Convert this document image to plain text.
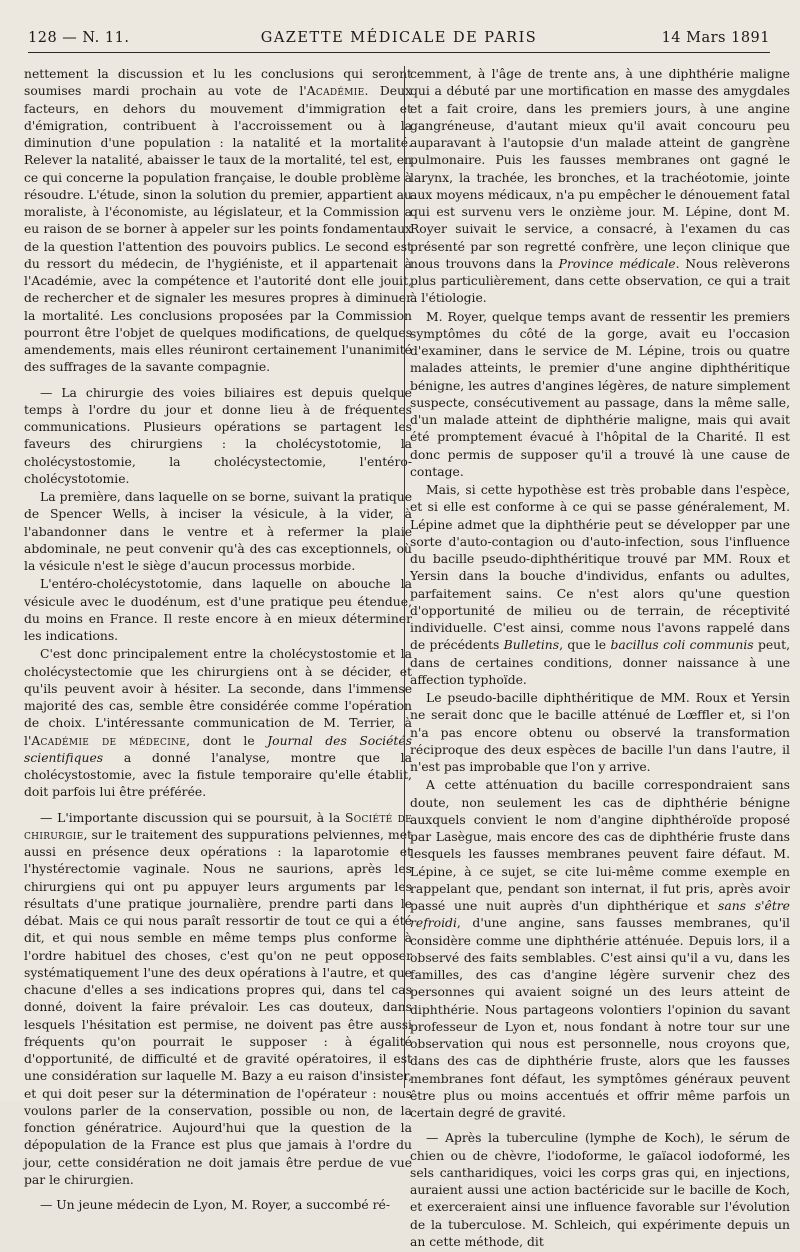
128 — N. 11.	GAZETTE MÉDICALE DE PARIS	14 Mars 1891

nettement la discussion et lu les conclusions qui seront soumises mardi prochain au vote de l'Académie. Deux facteurs, en dehors du mouvement d'immigration et d'émigration, contribuent à l'accroissement ou à la diminution d'une population : la natalité et la mortalité. Relever la natalité, abaisser le taux de la mortalité, tel est, en ce qui concerne la population française, le double problème à résoudre. L'étude, sinon la solution du premier, appartient au moraliste, à l'économiste, au législateur, et la Commission a eu raison de se borner à appeler sur les points fondamentaux de la question l'attention des pouvoirs publics. Le second est du ressort du médecin, de l'hygiéniste, et il appartenait à l'Académie, avec la compétence et l'autorité dont elle jouit, de rechercher et de signaler les mesures propres à diminuer la mortalité. Les conclusions proposées par la Commission pourront être l'objet de quelques modifications, de quelques amendements, mais elles réuniront certainement l'unanimité des suffrages de la savante compagnie.

— La chirurgie des voies biliaires est depuis quelque temps à l'ordre du jour et donne lieu à de fréquentes communications. Plusieurs opérations se partagent les faveurs des chirurgiens : la cholécystotomie, la cholécystostomie, la cholécystectomie, l'entéro-cholécystotomie.

La première, dans laquelle on se borne, suivant la pratique de Spencer Wells, à inciser la vésicule, à la vider, à l'abandonner dans le ventre et à refermer la plaie abdominale, ne peut convenir qu'à des cas exceptionnels, où la vésicule n'est le siège d'aucun processus morbide.

L'entéro-cholécystotomie, dans laquelle on abouche la vésicule avec le duodénum, est d'une pratique peu étendue, du moins en France. Il reste encore à en mieux déterminer les indications.

C'est donc principalement entre la cholécystostomie et la cholécystectomie que les chirurgiens ont à se décider, et qu'ils peuvent avoir à hésiter. La seconde, dans l'immense majorité des cas, semble être considérée comme l'opération de choix. L'intéressante communication de M. Terrier, à l'Académie de médecine, dont le Journal des Sociétés scientifiques a donné l'analyse, montre que la cholécystostomie, avec la fistule temporaire qu'elle établit, doit parfois lui être préférée.

— L'importante discussion qui se poursuit, à la Société de chirurgie, sur le traitement des suppurations pelviennes, met aussi en présence deux opérations : la laparotomie et l'hystérectomie vaginale. Nous ne saurions, après les chirurgiens qui ont pu appuyer leurs arguments par les résultats d'une pratique journalière, prendre parti dans le débat. Mais ce qui nous paraît ressortir de tout ce qui a été dit, et qui nous semble en même temps plus conforme à l'ordre habituel des choses, c'est qu'on ne peut opposer systématiquement l'une des deux opérations à l'autre, et que chacune d'elles a ses indications propres qui, dans tel cas donné, doivent la faire prévaloir. Les cas douteux, dans lesquels l'hésitation est permise, ne doivent pas être aussi fréquents qu'on pourrait le supposer : à égalité d'opportunité, de difficulté et de gravité opératoires, il est une considération sur laquelle M. Bazy a eu raison d'insister, et qui doit peser sur la détermination de l'opérateur : nous voulons parler de la conservation, possible ou non, de la fonction génératrice. Aujourd'hui que la question de la dépopulation de la France est plus que jamais à l'ordre du jour, cette considération ne doit jamais être perdue de vue par le chirurgien.

— Un jeune médecin de Lyon, M. Royer, a succombé ré-

cemment, à l'âge de trente ans, à une diphthérie maligne qui a débuté par une mortification en masse des amygdales et a fait croire, dans les premiers jours, à une angine gangréneuse, d'autant mieux qu'il avait concouru peu auparavant à l'autopsie d'un malade atteint de gangrène pulmonaire. Puis les fausses membranes ont gagné le larynx, la trachée, les bronches, et la trachéotomie, jointe aux moyens médicaux, n'a pu empêcher le dénouement fatal qui est survenu vers le onzième jour. M. Lépine, dont M. Royer suivait le service, a consacré, à l'examen du cas présenté par son regretté confrère, une leçon clinique que nous trouvons dans la Province médicale. Nous relèverons plus particulièrement, dans cette observation, ce qui a trait à l'étiologie.

M. Royer, quelque temps avant de ressentir les premiers symptômes du côté de la gorge, avait eu l'occasion d'examiner, dans le service de M. Lépine, trois ou quatre malades atteints, le premier d'une angine diphthéritique bénigne, les autres d'angines légères, de nature simplement suspecte, consécutivement au passage, dans la même salle, d'un malade atteint de diphthérie maligne, mais qui avait été promptement évacué à l'hôpital de la Charité. Il est donc permis de supposer qu'il a trouvé là une cause de contage.

Mais, si cette hypothèse est très probable dans l'espèce, et si elle est conforme à ce qui se passe généralement, M. Lépine admet que la diphthérie peut se développer par une sorte d'auto-contagion ou d'auto-infection, sous l'influence du bacille pseudo-diphthéritique trouvé par MM. Roux et Yersin dans la bouche d'individus, enfants ou adultes, parfaitement sains. Ce n'est alors qu'une question d'opportunité de milieu ou de terrain, de réceptivité individuelle. C'est ainsi, comme nous l'avons rappelé dans de précédents Bulletins, que le bacillus coli communis peut, dans de certaines conditions, donner naissance à une affection typhoïde.

Le pseudo-bacille diphthéritique de MM. Roux et Yersin ne serait donc que le bacille atténué de Lœffler et, si l'on n'a pas encore obtenu ou observé la transformation réciproque des deux espèces de bacille l'un dans l'autre, il n'est pas improbable que l'on y arrive.

A cette atténuation du bacille correspondraient sans doute, non seulement les cas de diphthérie bénigne auxquels convient le nom d'angine diphthéroïde proposé par Lasègue, mais encore des cas de diphthérie fruste dans lesquels les fausses membranes peuvent faire défaut. M. Lépine, à ce sujet, se cite lui-même comme exemple en rappelant que, pendant son internat, il fut pris, après avoir passé une nuit auprès d'un diphthérique et sans s'être refroidi, d'une angine, sans fausses membranes, qu'il considère comme une diphthérie atténuée. Depuis lors, il a observé des faits semblables. C'est ainsi qu'il a vu, dans les familles, des cas d'angine légère survenir chez des personnes qui avaient soigné un des leurs atteint de diphthérie. Nous partageons volontiers l'opinion du savant professeur de Lyon et, nous fondant à notre tour sur une observation qui nous est personnelle, nous croyons que, dans des cas de diphthérie fruste, alors que les fausses membranes font défaut, les symptômes généraux peuvent être plus ou moins accentués et offrir même parfois un certain degré de gravité.

— Après la tuberculine (lymphe de Koch), le sérum de chien ou de chèvre, l'iodoforme, le gaïacol iodoformé, les sels cantharidiques, voici les corps gras qui, en injections, auraient aussi une action bactéricide sur le bacille de Koch, et exerceraient ainsi une influence favorable sur l'évolution de la tuberculose. M. Schleich, qui expérimente depuis un an cette méthode, dit
